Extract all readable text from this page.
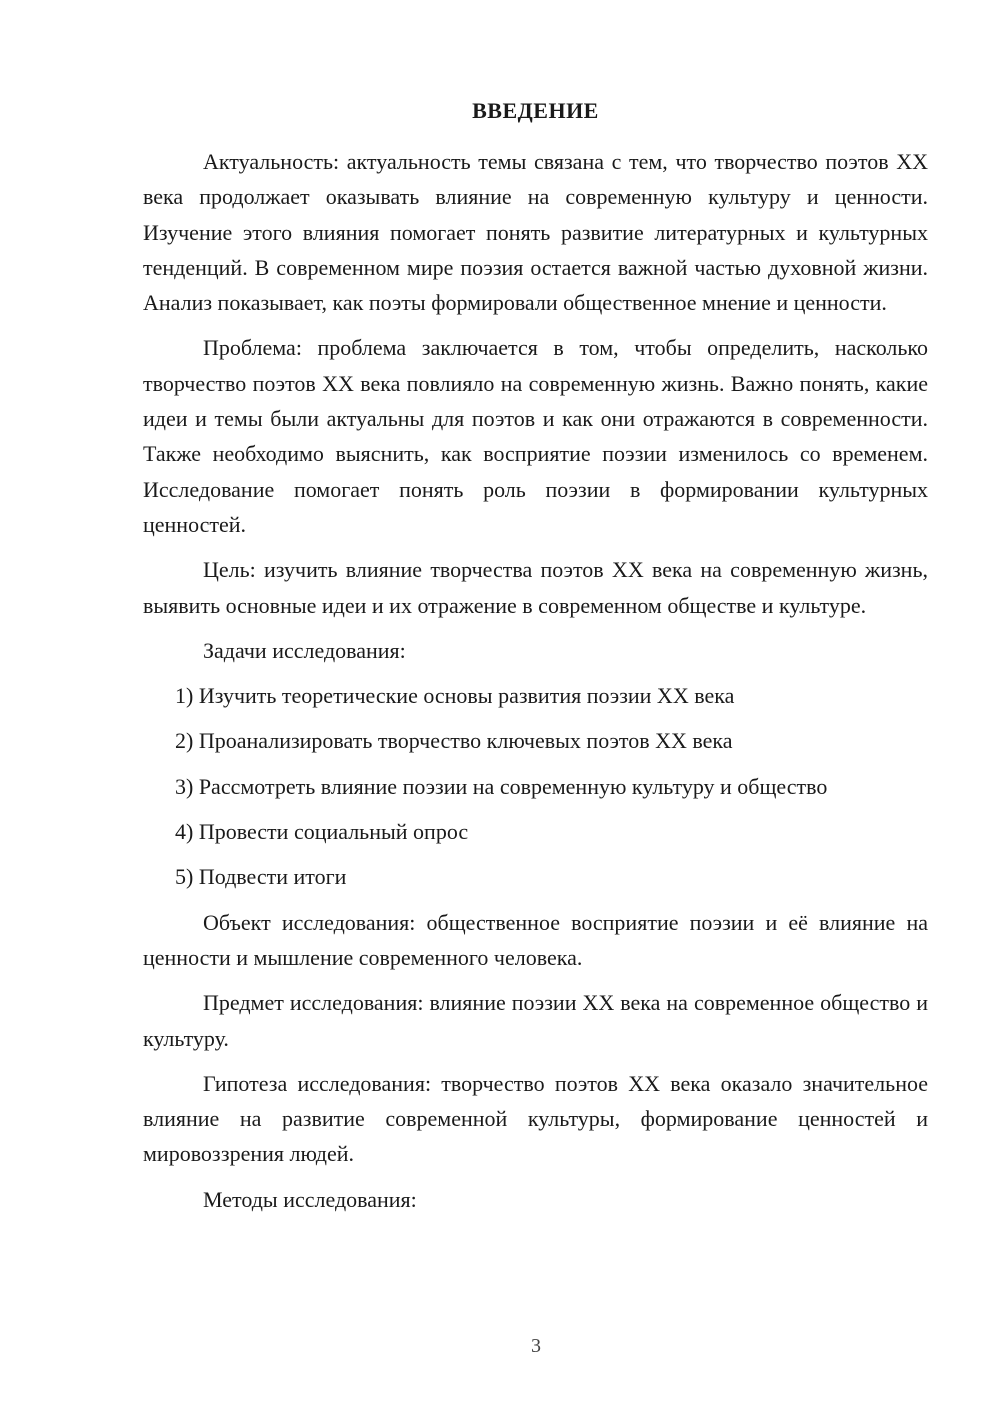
ВВЕДЕНИЕ

Актуальность: актуальность темы связана с тем, что творчество поэтов XX века продолжает оказывать влияние на современную культуру и ценности. Изучение этого влияния помогает понять развитие литературных и культурных тенденций. В современном мире поэзия остается важной частью духовной жизни. Анализ показывает, как поэты формировали общественное мнение и ценности.

Проблема: проблема заключается в том, чтобы определить, насколько творчество поэтов XX века повлияло на современную жизнь. Важно понять, какие идеи и темы были актуальны для поэтов и как они отражаются в современности. Также необходимо выяснить, как восприятие поэзии изменилось со временем. Исследование помогает понять роль поэзии в формировании культурных ценностей.

Цель: изучить влияние творчества поэтов XX века на современную жизнь, выявить основные идеи и их отражение в современном обществе и культуре.

Задачи исследования:

1) Изучить теоретические основы развития поэзии XX века
2) Проанализировать творчество ключевых поэтов XX века
3) Рассмотреть влияние поэзии на современную культуру и общество
4) Провести социальный опрос
5) Подвести итоги

Объект исследования: общественное восприятие поэзии и её влияние на ценности и мышление современного человека.

Предмет исследования: влияние поэзии XX века на современное общество и культуру.

Гипотеза исследования: творчество поэтов XX века оказало значительное влияние на развитие современной культуры, формирование ценностей и мировоззрения людей.

Методы исследования:

3
